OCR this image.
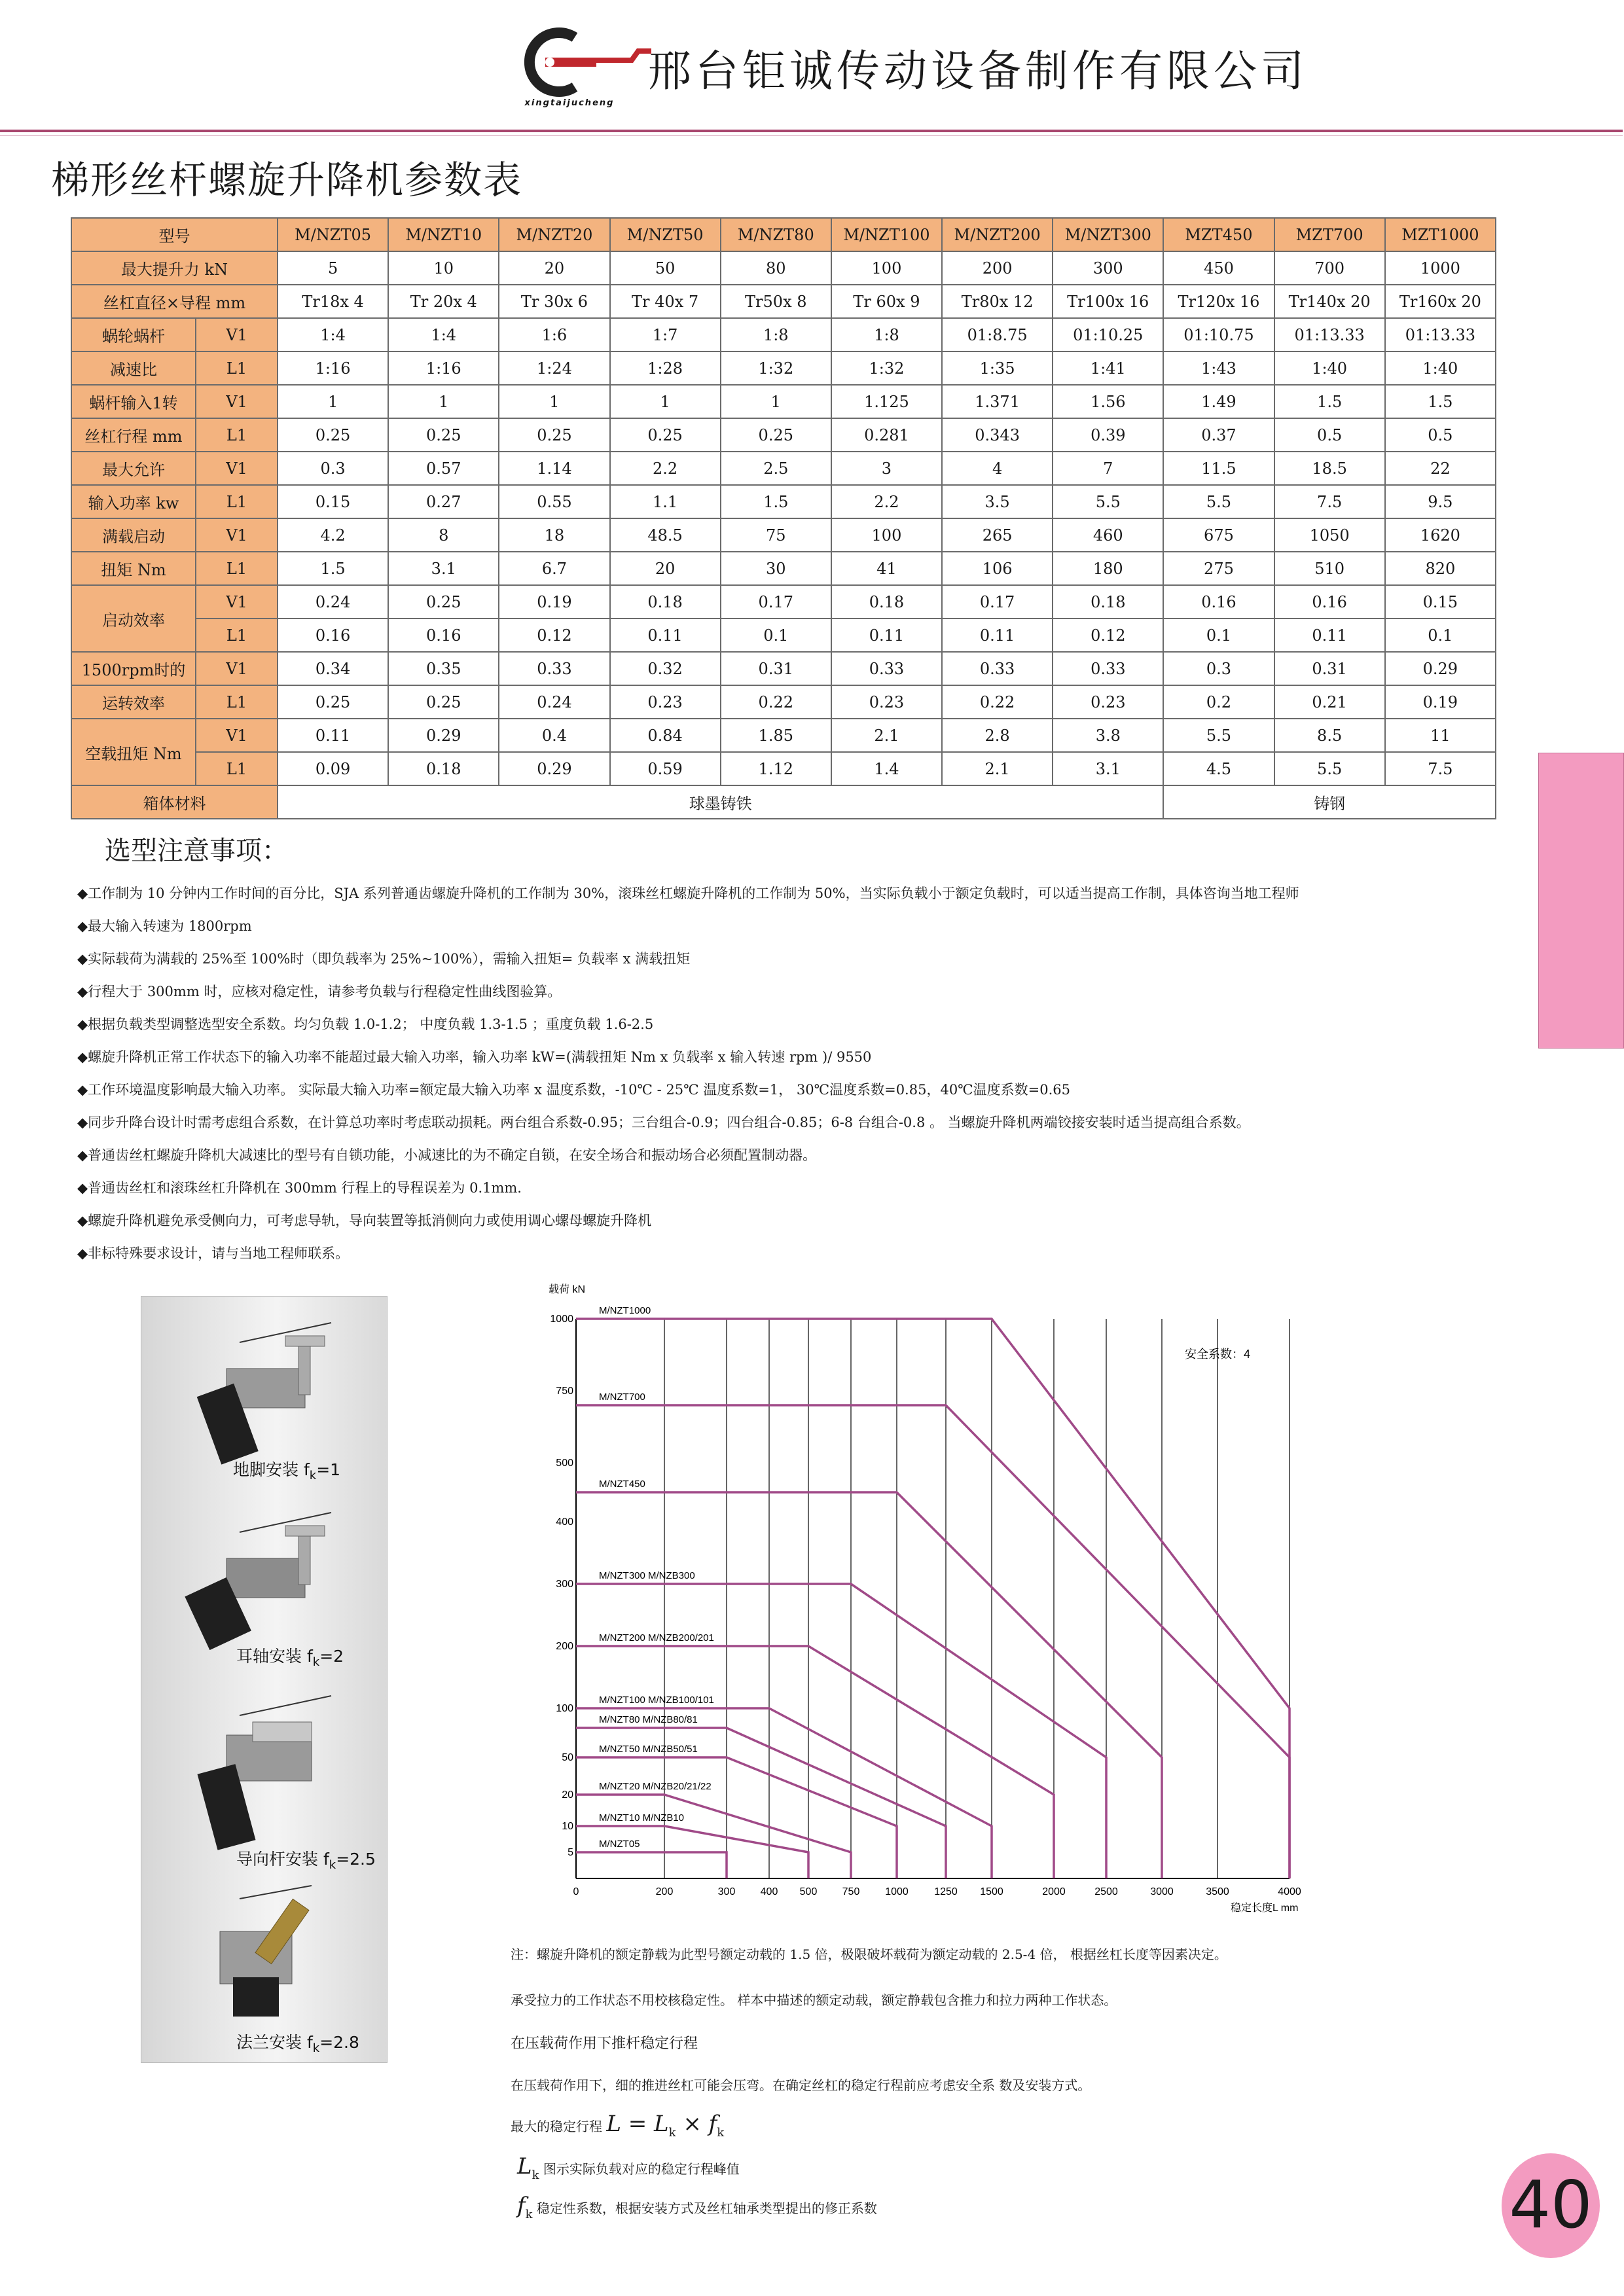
xingtaijucheng
邢台钜诚传动设备制作有限公司
梯形丝杆螺旋升降机参数表
型号		M/NZT05	M/NZT10	M/NZT20	M/NZT50	M/NZT80	M/NZT100	M/NZT200	M/NZT300	MZT450	MZT700	MZT1000
最大提升力 kN		5	10	20	50	80	100	200	300	450	700	1000
丝杠直径×导程 mm		Tr18x 4	Tr 20x 4	Tr 30x 6	Tr 40x 7	Tr50x 8	Tr 60x 9	Tr80x 12	Tr100x 16	Tr120x 16	Tr140x 20	Tr160x 20
蜗轮蜗杆	V1	1:4	1:4	1:6	1:7	1:8	1:8	01:8.75	01:10.25	01:10.75	01:13.33	01:13.33
减速比	L1	1:16	1:16	1:24	1:28	1:32	1:32	1:35	1:41	1:43	1:40	1:40
蜗杆输入1转	V1	1	1	1	1	1	1.125	1.371	1.56	1.49	1.5	1.5
丝杠行程 mm	L1	0.25	0.25	0.25	0.25	0.25	0.281	0.343	0.39	0.37	0.5	0.5
最大允许	V1	0.3	0.57	1.14	2.2	2.5	3	4	7	11.5	18.5	22
输入功率 kw	L1	0.15	0.27	0.55	1.1	1.5	2.2	3.5	5.5	5.5	7.5	9.5
满载启动	V1	4.2	8	18	48.5	75	100	265	460	675	1050	1620
扭矩 Nm	L1	1.5	3.1	6.7	20	30	41	106	180	275	510	820
启动效率	V1	0.24	0.25	0.19	0.18	0.17	0.18	0.17	0.18	0.16	0.16	0.15
	L1	0.16	0.16	0.12	0.11	0.1	0.11	0.11	0.12	0.1	0.11	0.1
1500rpm时的	V1	0.34	0.35	0.33	0.32	0.31	0.33	0.33	0.33	0.3	0.31	0.29
运转效率	L1	0.25	0.25	0.24	0.23	0.22	0.23	0.22	0.23	0.2	0.21	0.19
空载扭矩 Nm	V1	0.11	0.29	0.4	0.84	1.85	2.1	2.8	3.8	5.5	8.5	11
	L1	0.09	0.18	0.29	0.59	1.12	1.4	2.1	3.1	4.5	5.5	7.5
箱体材料		球墨铸铁								铸钢		
选型注意事项：
◆工作制为 10 分钟内工作时间的百分比，SJA 系列普通齿螺旋升降机的工作制为 30%，滚珠丝杠螺旋升降机的工作制为 50%，当实际负载小于额定负载时，可以适当提高工作制，具体咨询当地工程师
◆最大输入转速为 1800rpm
◆实际载荷为满载的 25%至 100%时（即负载率为 25%~100%），需输入扭矩= 负载率 x 满载扭矩
◆行程大于 300mm 时，应核对稳定性，请参考负载与行程稳定性曲线图验算。
◆根据负载类型调整选型安全系数。均匀负载 1.0-1.2； 中度负载 1.3-1.5 ；重度负载 1.6-2.5
◆螺旋升降机正常工作状态下的输入功率不能超过最大输入功率，输入功率 kW=(满载扭矩 Nm x 负载率 x 输入转速 rpm )/ 9550
◆工作环境温度影响最大输入功率。 实际最大输入功率=额定最大输入功率 x 温度系数，-10℃ - 25℃ 温度系数=1， 30℃温度系数=0.85，40℃温度系数=0.65
◆同步升降台设计时需考虑组合系数，在计算总功率时考虑联动损耗。两台组合系数-0.95；三台组合-0.9；四台组合-0.85；6-8 台组合-0.8 。 当螺旋升降机两端铰接安装时适当提高组合系数。
◆普通齿丝杠螺旋升降机大减速比的型号有自锁功能，小减速比的为不确定自锁，在安全场合和振动场合必须配置制动器。
◆普通齿丝杠和滚珠丝杠升降机在 300mm 行程上的导程误差为 0.1mm.
◆螺旋升降机避免承受侧向力，可考虑导轨，导向装置等抵消侧向力或使用调心螺母螺旋升降机
◆非标特殊要求设计，请与当地工程师联系。
地脚安装 $f_k=1$
耳轴安装 $f_k=2$
导向杆安装 $f_k=2.5$
法兰安装 $f_k=2.8$
0	200	300 400 500 750 1000 1250 1500	2000	2500	3000	3500	4000
1000
750
500
400
300
200
100
50
20
10
5
载荷 kN
稳定长度L mm
安全系数：4
M/NZT1000
M/NZT700
M/NZT450
M/NZT300 M/NZB300
M/NZT200 M/NZB200/201
M/NZT100 M/NZB100/101
M/NZT80 M/NZB80/81
M/NZT50 M/NZB50/51
M/NZT20 M/NZB20/21/22
M/NZT10 M/NZB10
M/NZT05
注：螺旋升降机的额定静载为此型号额定动载的 1.5 倍，极限破坏载荷为额定动载的 2.5-4 倍， 根据丝杠长度等因素决定。
承受拉力的工作状态不用校核稳定性。 样本中描述的额定动载，额定静载包含推力和拉力两种工作状态。
在压载荷作用下推杆稳定行程
在压载荷作用下，细的推进丝杠可能会压弯。在确定丝杠的稳定行程前应考虑安全系 数及安装方式。
最大的稳定行程 $L = L_k \times f_k$
$L_k$ 图示实际负载对应的稳定行程峰值
$f_k$ 稳定性系数，根据安装方式及丝杠轴承类型提出的修正系数	40
